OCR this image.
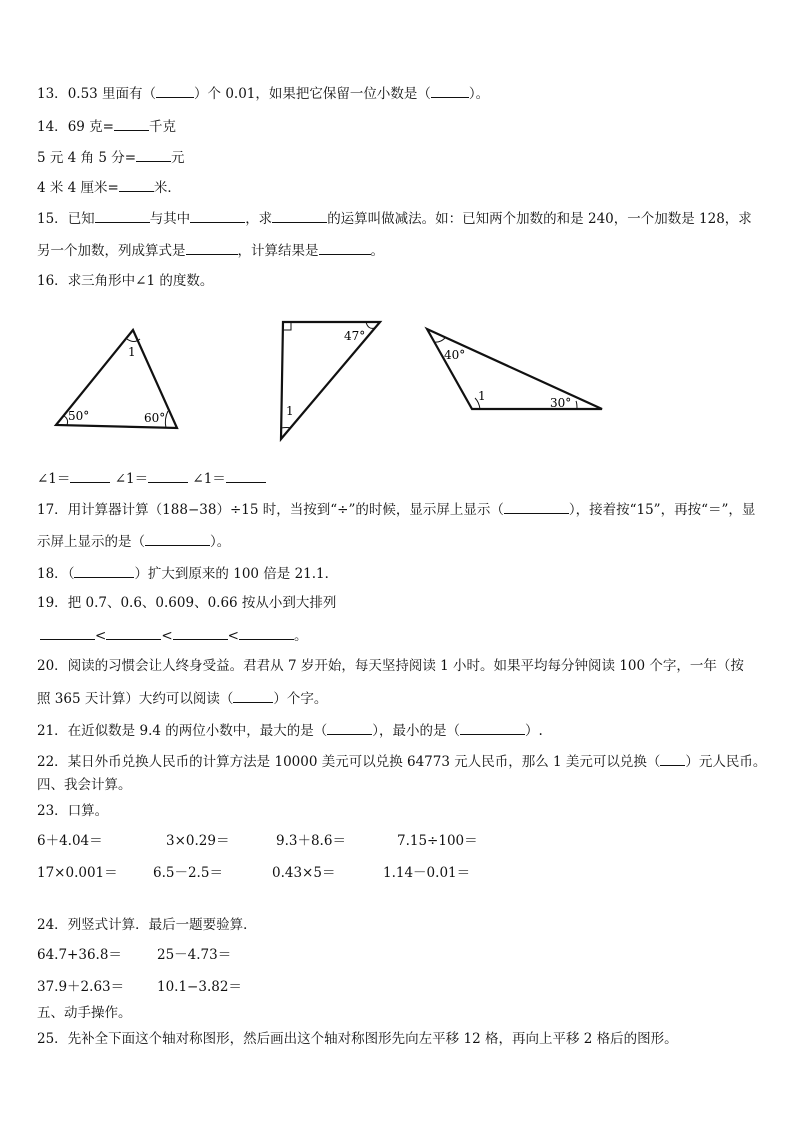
13．0.53 里面有（	）个 0.01，如果把它保留一位小数是（	）。
14．69 克=	千克
5 元 4 角 5 分=	元
4 米 4 厘米=	米．
15．已知	与其中	，求	的运算叫做减法。如：已知两个加数的和是 240，一个加数是 128，求
另一个加数，列成算式是	，计算结果是	。
16．求三角形中∠1 的度数。
1
50°	60°
47°
1
40°
1	30°
∠1＝	∠1＝	∠1＝
17．用计算器计算（188−38）÷15 时，当按到“÷”的时候，显示屏上显示（	），接着按“15”，再按“＝”，显
示屏上显示的是（	）。
18．（	）扩大到原来的 100 倍是 21.1．
19．把 0.7、0.6、0.609、0.66 按从小到大排列
<	<	<	。
20．阅读的习惯会让人终身受益。君君从 7 岁开始，每天坚持阅读 1 小时。如果平均每分钟阅读 100 个字，一年（按
照 365 天计算）大约可以阅读（	）个字。
21．在近似数是 9.4 的两位小数中，最大的是（	），最小的是（	）.
22．某日外币兑换人民币的计算方法是 10000 美元可以兑换 64773 元人民币，那么 1 美元可以兑换（ ）元人民币。
四、我会计算。
23．口算。
6＋4.04＝	3×0.29＝	9.3＋8.6＝	7.15÷100＝
17×0.001＝	6.5－2.5＝	0.43×5＝	1.14－0.01＝
24．列竖式计算．最后一题要验算．
64.7+36.8＝	25－4.73＝
37.9＋2.63＝ 10.1−3.82＝
五、动手操作。
25．先补全下面这个轴对称图形，然后画出这个轴对称图形先向左平移 12 格，再向上平移 2 格后的图形。
